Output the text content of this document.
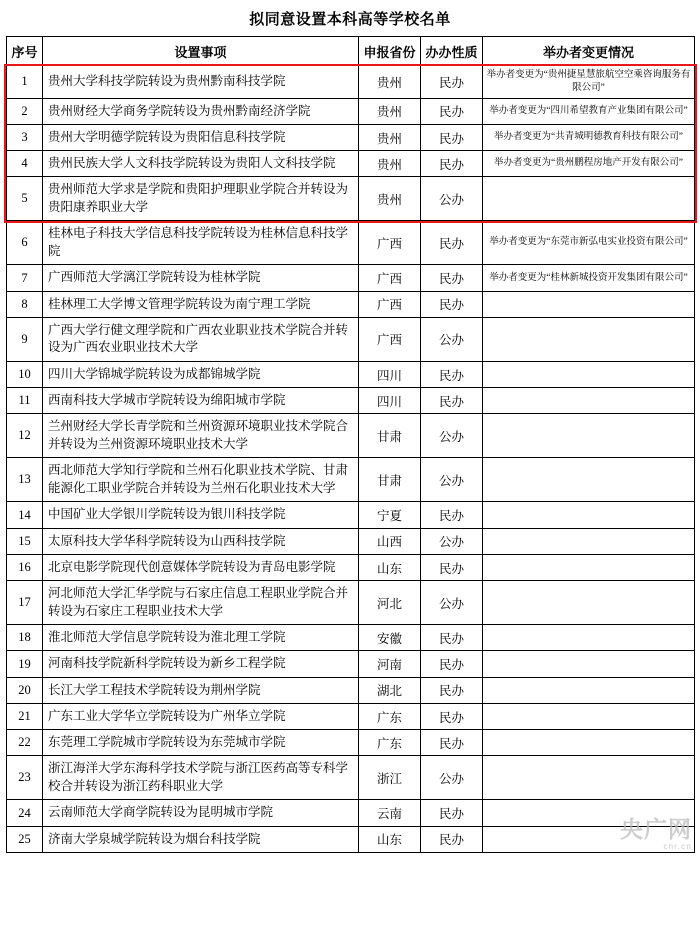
拟同意设置本科高等学校名单
序号	设置事项	申报省份	办办性质	举办者变更情况
1	贵州大学科技学院转设为贵州黔南科技学院	贵州	民办	举办者变更为“贵州捷星慧旅航空空乘咨询服务有限公司”
2	贵州财经大学商务学院转设为贵州黔南经济学院	贵州	民办	举办者变更为“四川希望教育产业集团有限公司”
3	贵州大学明德学院转设为贵阳信息科技学院	贵州	民办	举办者变更为“共青城明德教育科技有限公司”
4	贵州民族大学人文科技学院转设为贵阳人文科技学院	贵州	民办	举办者变更为“贵州鹏程房地产开发有限公司”
5	贵州师范大学求是学院和贵阳护理职业学院合并转设为贵阳康养职业大学	贵州	公办	
6	桂林电子科技大学信息科技学院转设为桂林信息科技学院	广西	民办	举办者变更为“东莞市新弘电实业投资有限公司”
7	广西师范大学漓江学院转设为桂林学院	广西	民办	举办者变更为“桂林新城投资开发集团有限公司”
8	桂林理工大学博文管理学院转设为南宁理工学院	广西	民办	
9	广西大学行健文理学院和广西农业职业技术学院合并转设为广西农业职业技术大学	广西	公办	
10	四川大学锦城学院转设为成都锦城学院	四川	民办	
11	西南科技大学城市学院转设为绵阳城市学院	四川	民办	
12	兰州财经大学长青学院和兰州资源环境职业技术学院合并转设为兰州资源环境职业技术大学	甘肃	公办	
13	西北师范大学知行学院和兰州石化职业技术学院、甘肃能源化工职业学院合并转设为兰州石化职业技术大学	甘肃	公办	
14	中国矿业大学银川学院转设为银川科技学院	宁夏	民办	
15	太原科技大学华科学院转设为山西科技学院	山西	公办	
16	北京电影学院现代创意媒体学院转设为青岛电影学院	山东	民办	
17	河北师范大学汇华学院与石家庄信息工程职业学院合并转设为石家庄工程职业技术大学	河北	公办	
18	淮北师范大学信息学院转设为淮北理工学院	安徽	民办	
19	河南科技学院新科学院转设为新乡工程学院	河南	民办	
20	长江大学工程技术学院转设为荆州学院	湖北	民办	
21	广东工业大学华立学院转设为广州华立学院	广东	民办	
22	东莞理工学院城市学院转设为东莞城市学院	广东	民办	
23	浙江海洋大学东海科学技术学院与浙江医药高等专科学校合并转设为浙江药科职业大学	浙江	公办	
24	云南师范大学商学院转设为昆明城市学院	云南	民办	
25	济南大学泉城学院转设为烟台科技学院	山东	民办		央广网
cnr.cn
